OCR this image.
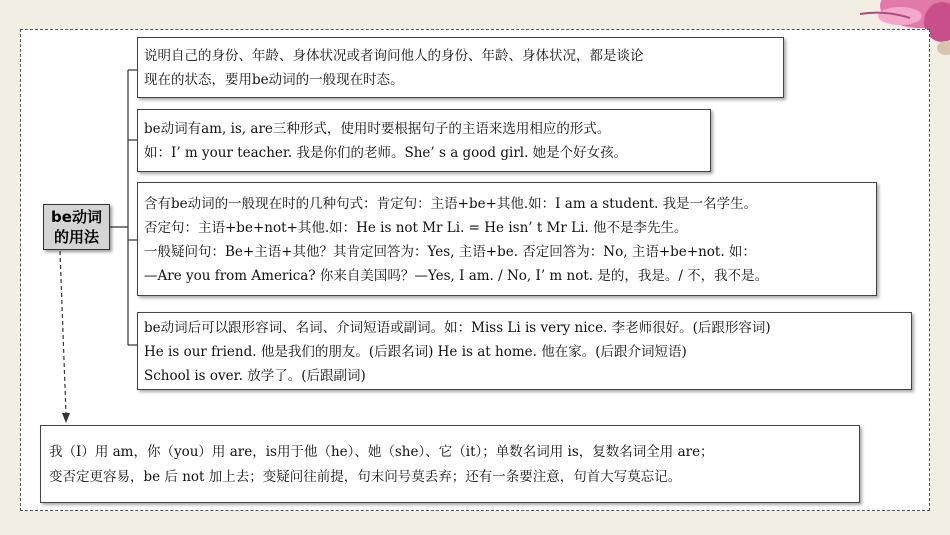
be动词
的用法
说明自己的身份、年龄、身体状况或者询问他人的身份、年龄、身体状况，都是谈论
现在的状态，要用be动词的一般现在时态。
be动词有am, is, are三种形式，使用时要根据句子的主语来选用相应的形式。
如：I’ m your teacher. 我是你们的老师。She’ s a good girl. 她是个好女孩。
含有be动词的一般现在时的几种句式：肯定句：主语+be+其他.如：I am a student. 我是一名学生。
否定句：主语+be+not+其他.如：He is not Mr Li. = He isn’ t Mr Li. 他不是李先生。
一般疑问句：Be+主语+其他？其肯定回答为：Yes, 主语+be. 否定回答为：No, 主语+be+not. 如：
—Are you from America? 你来自美国吗？—Yes, I am. / No, I’ m not. 是的，我是。/ 不，我不是。
be动词后可以跟形容词、名词、介词短语或副词。如：Miss Li is very nice. 李老师很好。(后跟形容词)
He is our friend. 他是我们的朋友。(后跟名词) He is at home. 他在家。(后跟介词短语)
School is over. 放学了。(后跟副词)
我（I）用 am，你（you）用 are，is用于他（he）、她（she）、它（it）；单数名词用 is，复数名词全用 are；
变否定更容易，be 后 not 加上去；变疑问往前提，句末问号莫丢弃；还有一条要注意，句首大写莫忘记。
